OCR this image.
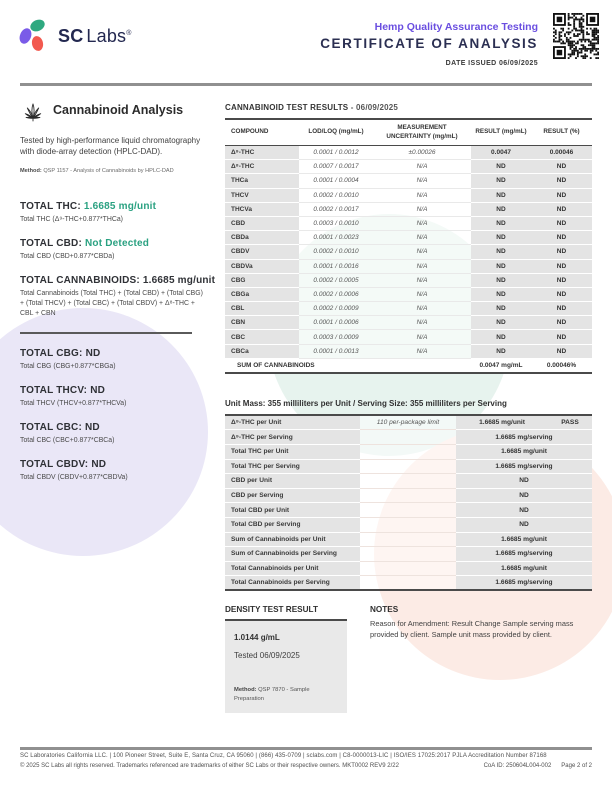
SC Labs®	Hemp Quality Assurance Testing
CERTIFICATE OF ANALYSIS
DATE ISSUED 06/09/2025
Cannabinoid Analysis

Tested by high-performance liquid chromatography with diode-array detection (HPLC-DAD).

Method: QSP 1157 - Analysis of Cannabinoids by HPLC-DAD

TOTAL THC: 1.6685 mg/unit
Total THC (Δ⁹-THC+0.877*THCa)
TOTAL CBD: Not Detected
Total CBD (CBD+0.877*CBDa)
TOTAL CANNABINOIDS: 1.6685 mg/unit
Total Cannabinoids (Total THC) + (Total CBD) + (Total CBG) + (Total THCV) + (Total CBC) + (Total CBDV) + Δ⁸-THC + CBL + CBN
TOTAL CBG: ND
Total CBG (CBG+0.877*CBGa)
TOTAL THCV: ND
Total THCV (THCV+0.877*THCVa)
TOTAL CBC: ND
Total CBC (CBC+0.877*CBCa)
TOTAL CBDV: ND
Total CBDV (CBDV+0.877*CBDVa)
CANNABINOID TEST RESULTS - 06/09/2025
COMPOUND	LOD/LOQ (mg/mL)	MEASUREMENT UNCERTAINTY (mg/mL)	RESULT (mg/mL)	RESULT (%)
Δ⁹-THC	0.0001 / 0.0012	±0.00026	0.0047	0.00046
Δ⁸-THC	0.0007 / 0.0017	N/A	ND	ND
THCa	0.0001 / 0.0004	N/A	ND	ND
THCV	0.0002 / 0.0010	N/A	ND	ND
THCVa	0.0002 / 0.0017	N/A	ND	ND
CBD	0.0003 / 0.0010	N/A	ND	ND
CBDa	0.0001 / 0.0023	N/A	ND	ND
CBDV	0.0002 / 0.0010	N/A	ND	ND
CBDVa	0.0001 / 0.0016	N/A	ND	ND
CBG	0.0002 / 0.0005	N/A	ND	ND
CBGa	0.0002 / 0.0006	N/A	ND	ND
CBL	0.0002 / 0.0009	N/A	ND	ND
CBN	0.0001 / 0.0006	N/A	ND	ND
CBC	0.0003 / 0.0009	N/A	ND	ND
CBCa	0.0001 / 0.0013	N/A	ND	ND
SUM OF CANNABINOIDS			0.0047 mg/mL	0.00046%
Unit Mass: 355 milliliters per Unit / Serving Size: 355 milliliters per Serving
Δ⁹-THC per Unit	110 per-package limit	1.6685 mg/unit	PASS
Δ⁹-THC per Serving		1.6685 mg/serving	
Total THC per Unit		1.6685 mg/unit	
Total THC per Serving		1.6685 mg/serving	
CBD per Unit		ND	
CBD per Serving		ND	
Total CBD per Unit		ND	
Total CBD per Serving		ND	
Sum of Cannabinoids per Unit		1.6685 mg/unit	
Sum of Cannabinoids per Serving		1.6685 mg/serving	
Total Cannabinoids per Unit		1.6685 mg/unit	
Total Cannabinoids per Serving		1.6685 mg/serving	
DENSITY TEST RESULT
1.0144 g/mL
Tested 06/09/2025
Method: QSP 7870 - Sample Preparation
NOTES
Reason for Amendment: Result Change Sample serving mass provided by client. Sample unit mass provided by client.
SC Laboratories California LLC. | 100 Pioneer Street, Suite E, Santa Cruz, CA 95060 | (866) 435-0709 | sclabs.com | C8-0000013-LIC | ISO/IES 17025:2017 PJLA Accreditation Number 87168
© 2025 SC Labs all rights reserved. Trademarks referenced are trademarks of either SC Labs or their respective owners. MKT0002 REV9 2/22	CoA ID: 250604L004-002 Page 2 of 2
